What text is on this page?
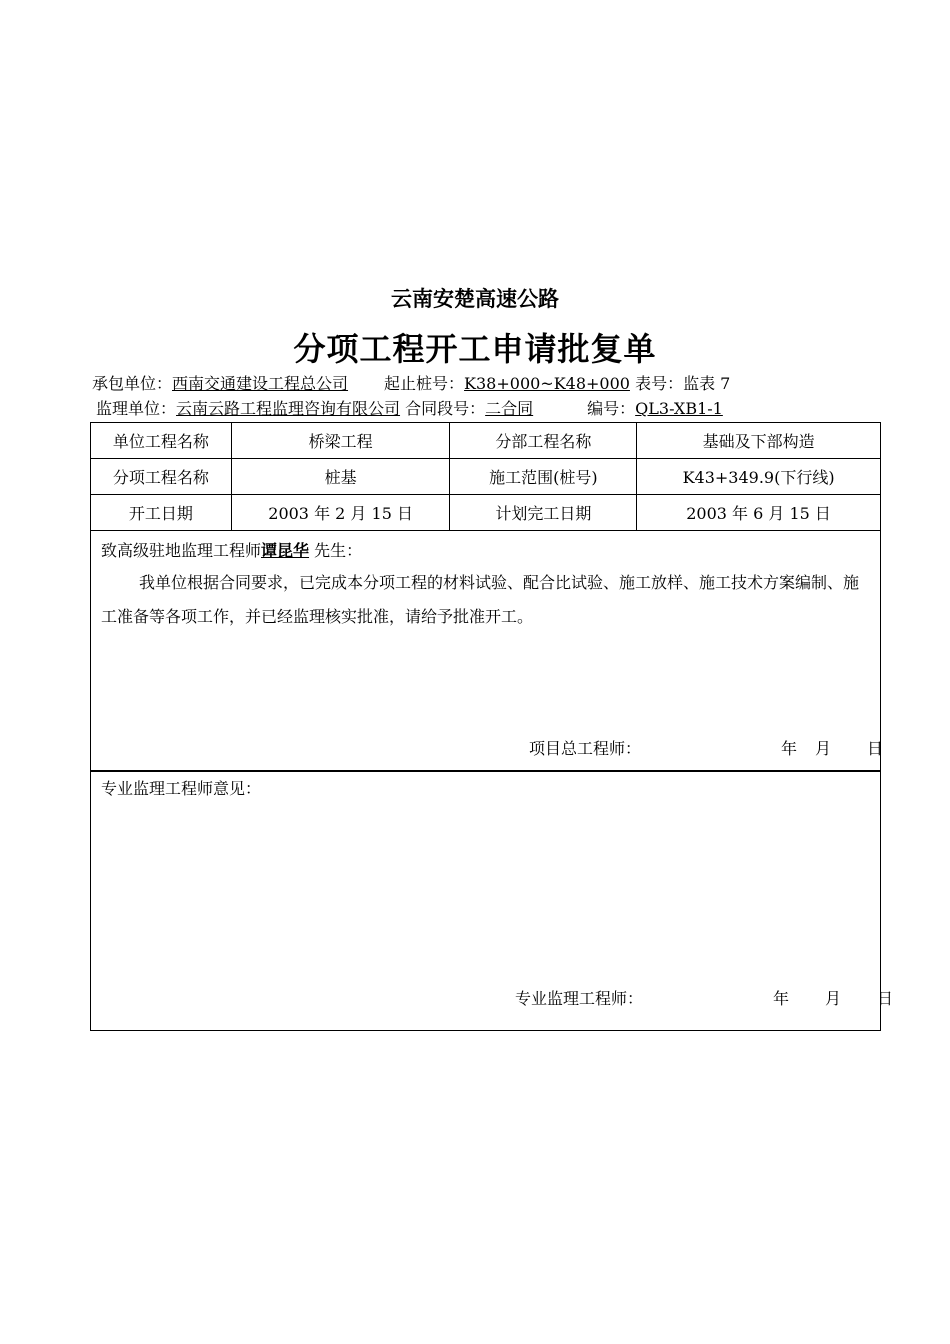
云南安楚高速公路
分项工程开工申请批复单
承包单位：西南交通建设工程总公司 起止桩号：K38+000~K48+000 表号：监表 7
监理单位：云南云路工程监理咨询有限公司 合同段号：二合同	编号：QL3-XB1-1
单位工程名称	桥梁工程	分部工程名称	基础及下部构造
分项工程名称	桩基	施工范围(桩号)	K43+349.9(下行线)
开工日期	2003 年 2 月 15 日	计划完工日期	2003 年 6 月 15 日
致高级驻地监理工程师谭昆华 先生：
我单位根据合同要求，已完成本分项工程的材料试验、配合比试验、施工放样、施工技术方案编制、施工准备等各项工作，并已经监理核实批准，请给予批准开工。
项目总工程师：	年 月 日
专业监理工程师意见：
专业监理工程师：	年 月 日
